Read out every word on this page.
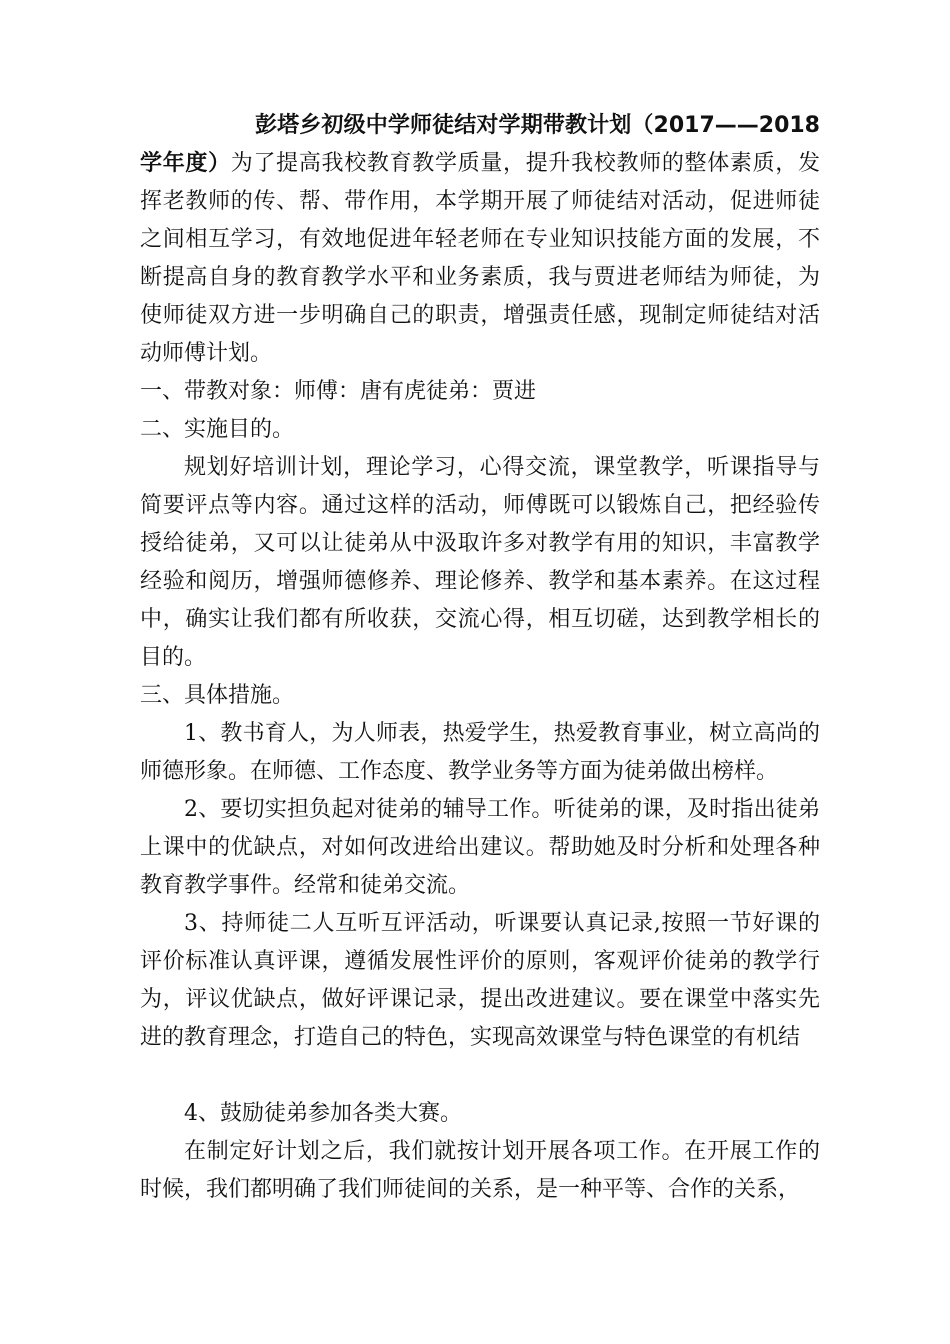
彭塔乡初级中学师徒结对学期带教计划（2017——2018学年度）为了提高我校教育教学质量，提升我校教师的整体素质，发挥老教师的传、帮、带作用，本学期开展了师徒结对活动，促进师徒之间相互学习，有效地促进年轻老师在专业知识技能方面的发展，不断提高自身的教育教学水平和业务素质，我与贾进老师结为师徒，为使师徒双方进一步明确自己的职责，增强责任感，现制定师徒结对活动师傅计划。

一、带教对象：师傅：唐有虎徒弟：贾进

二、实施目的。

规划好培训计划，理论学习，心得交流，课堂教学，听课指导与简要评点等内容。通过这样的活动，师傅既可以锻炼自己，把经验传授给徒弟，又可以让徒弟从中汲取许多对教学有用的知识，丰富教学经验和阅历，增强师德修养、理论修养、教学和基本素养。在这过程中，确实让我们都有所收获，交流心得，相互切磋，达到教学相长的目的。

三、具体措施。

1、教书育人，为人师表，热爱学生，热爱教育事业，树立高尚的师德形象。在师德、工作态度、教学业务等方面为徒弟做出榜样。

2、要切实担负起对徒弟的辅导工作。听徒弟的课，及时指出徒弟上课中的优缺点，对如何改进给出建议。帮助她及时分析和处理各种教育教学事件。经常和徒弟交流。

3、持师徒二人互听互评活动，听课要认真记录,按照一节好课的评价标准认真评课，遵循发展性评价的原则，客观评价徒弟的教学行为，评议优缺点，做好评课记录，提出改进建议。要在课堂中落实先进的教育理念，打造自己的特色，实现高效课堂与特色课堂的有机结

4、鼓励徒弟参加各类大赛。

在制定好计划之后，我们就按计划开展各项工作。在开展工作的时候，我们都明确了我们师徒间的关系，是一种平等、合作的关系，
